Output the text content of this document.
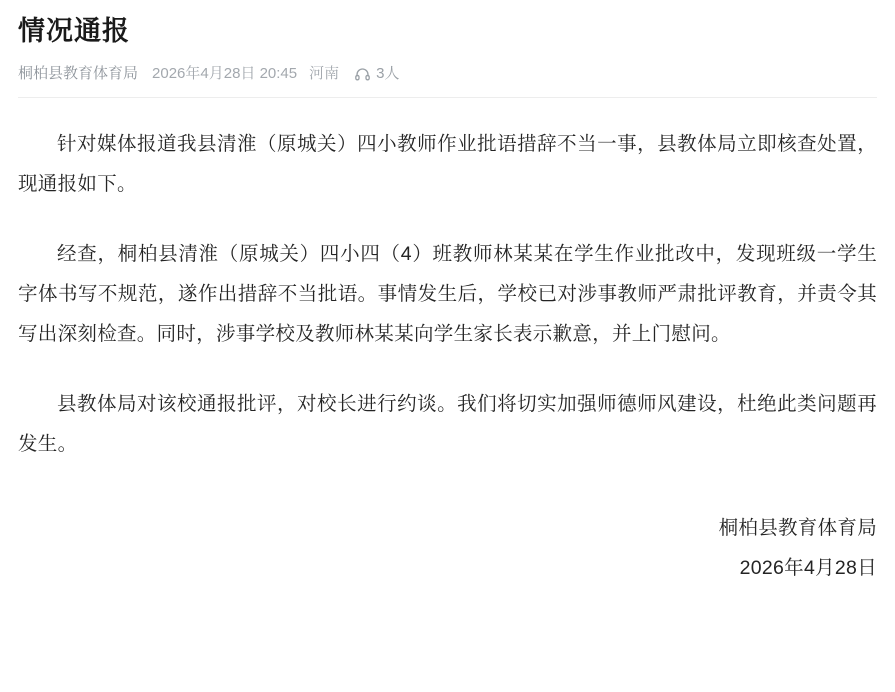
情况通报
桐柏县教育体育局 2026年4月28日 20:45 河南 3人

针对媒体报道我县清淮（原城关）四小教师作业批语措辞不当一事，县教体局立即核查处置，现通报如下。

经查，桐柏县清淮（原城关）四小四（4）班教师林某某在学生作业批改中，发现班级一学生字体书写不规范，遂作出措辞不当批语。事情发生后，学校已对涉事教师严肃批评教育，并责令其写出深刻检查。同时，涉事学校及教师林某某向学生家长表示歉意，并上门慰问。

县教体局对该校通报批评，对校长进行约谈。我们将切实加强师德师风建设，杜绝此类问题再发生。

桐柏县教育体育局
2026年4月28日
